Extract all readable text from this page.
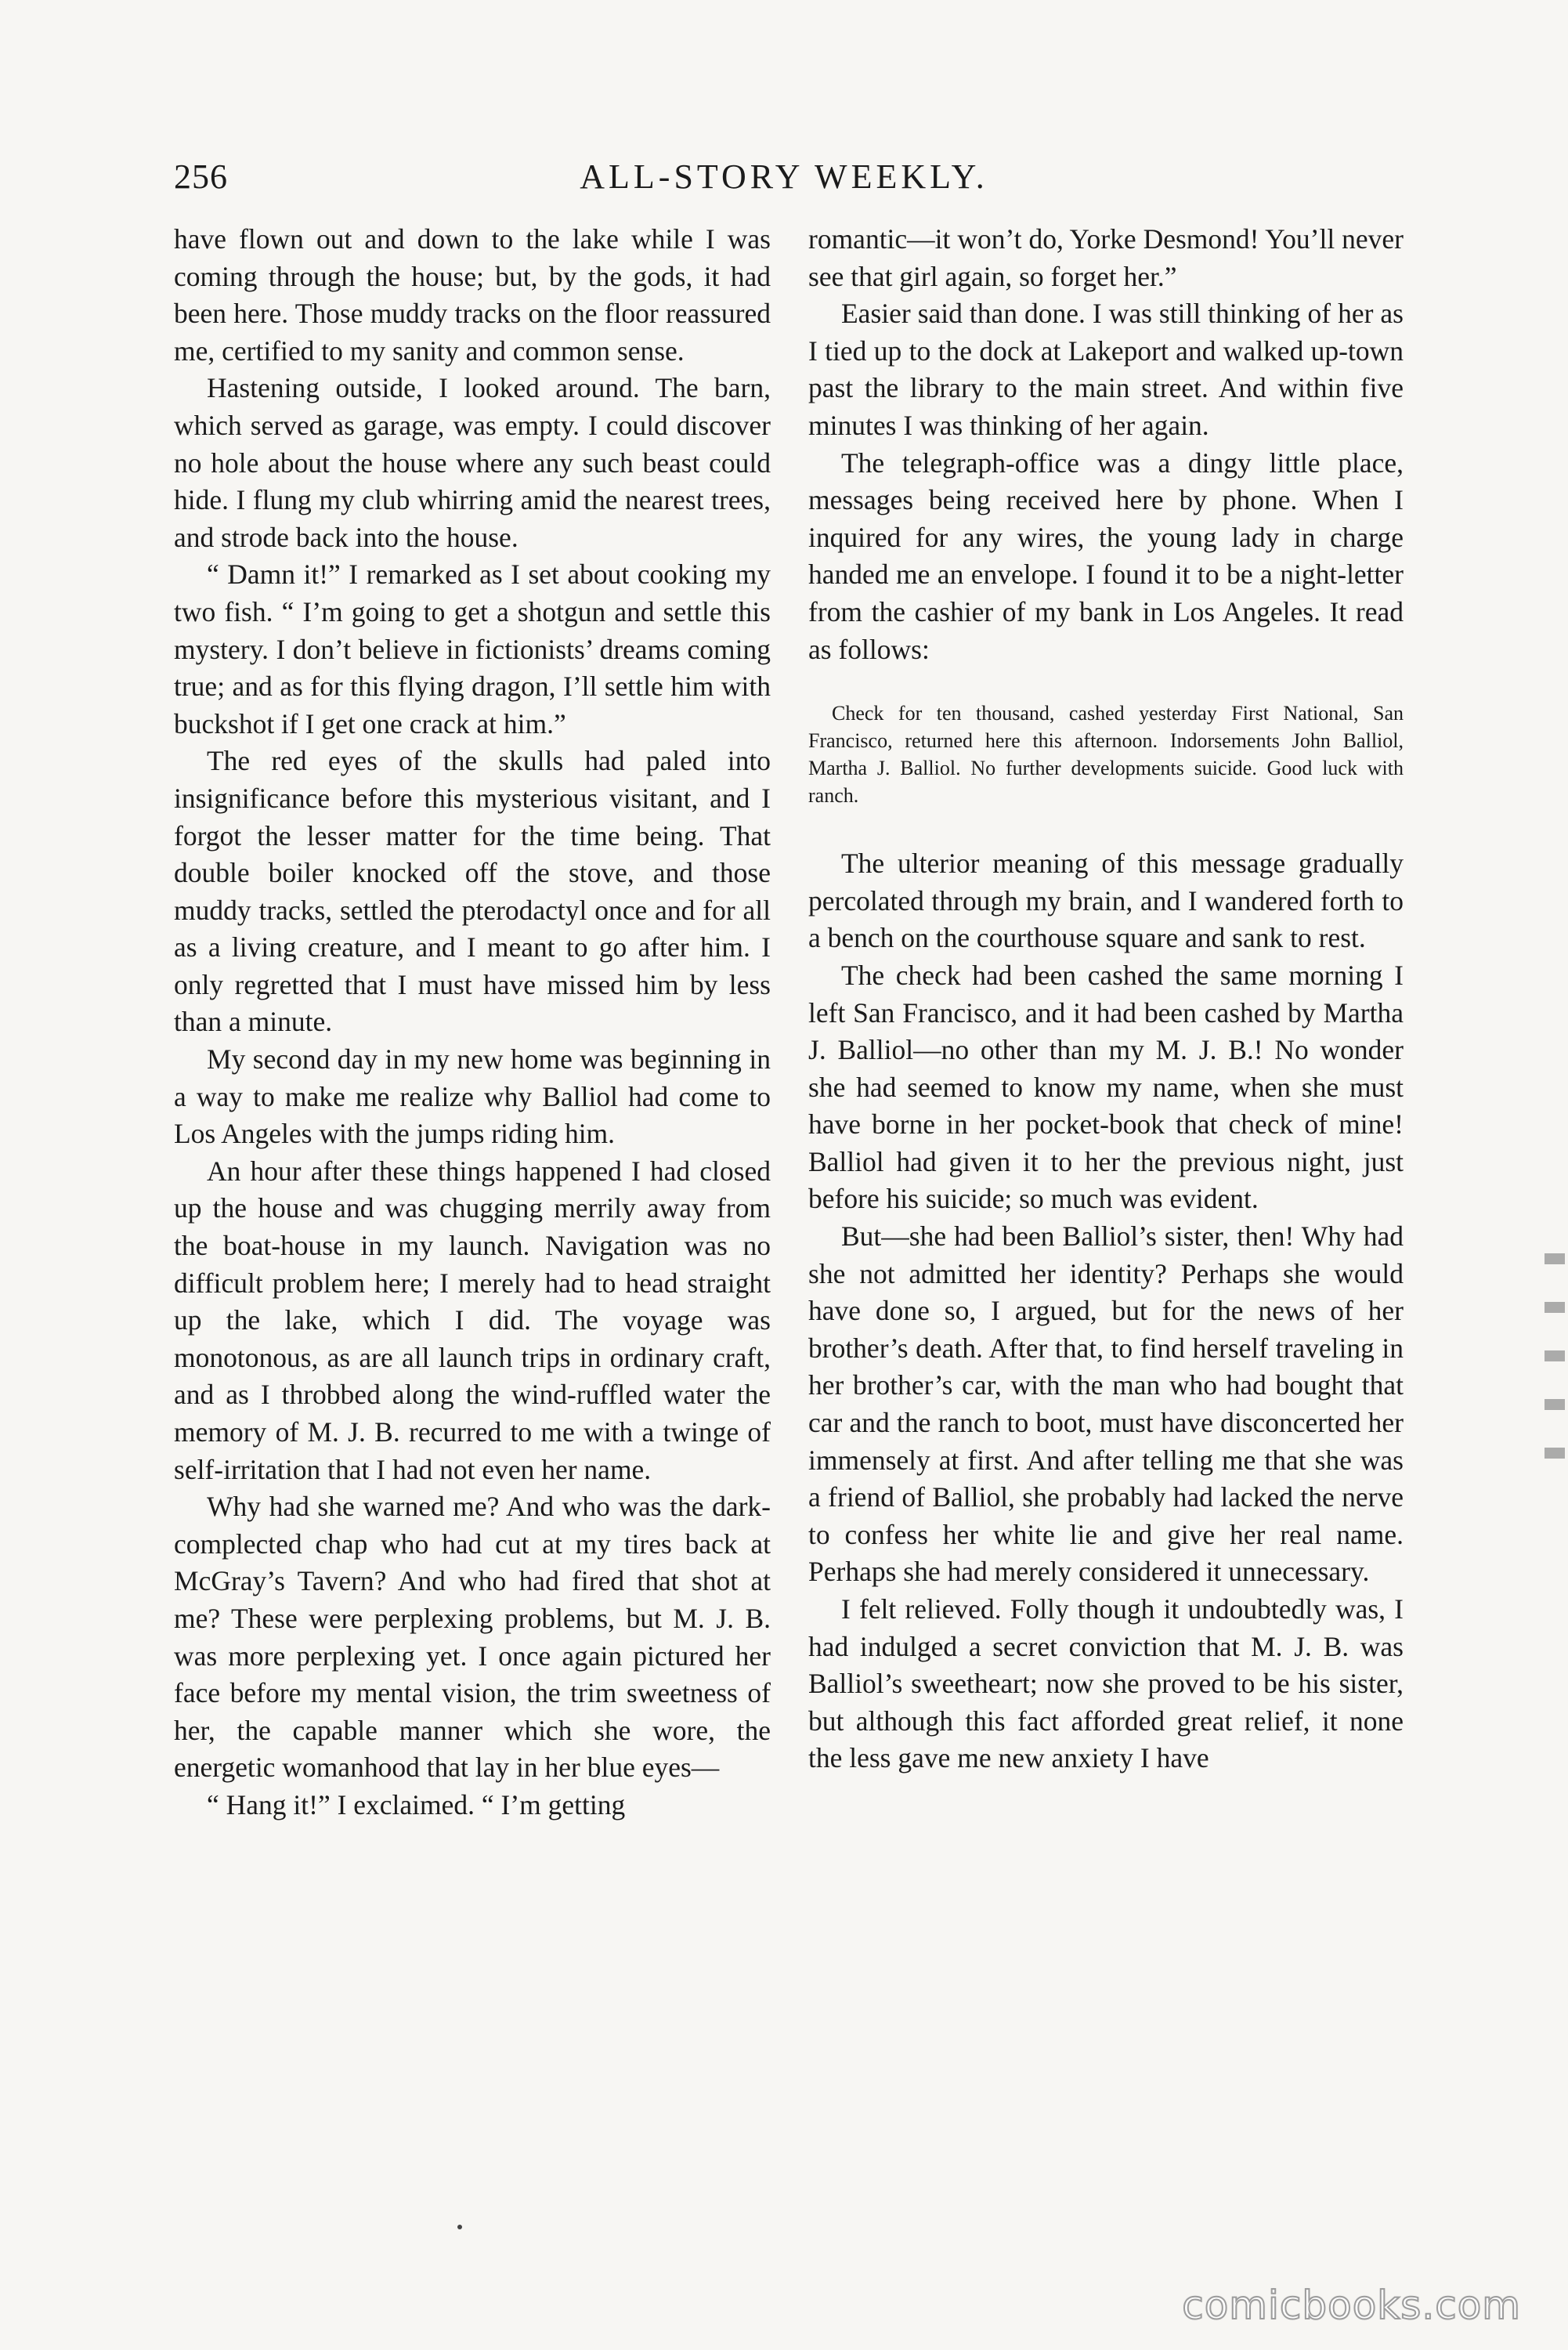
256	ALL-STORY WEEKLY.

have flown out and down to the lake while I was coming through the house; but, by the gods, it had been here. Those muddy tracks on the floor reassured me, certified to my sanity and common sense.

Hastening outside, I looked around. The barn, which served as garage, was empty. I could discover no hole about the house where any such beast could hide. I flung my club whirring amid the nearest trees, and strode back into the house.

“ Damn it!” I remarked as I set about cooking my two fish. “ I’m going to get a shotgun and settle this mystery. I don’t believe in fictionists’ dreams coming true; and as for this flying dragon, I’ll settle him with buckshot if I get one crack at him.”

The red eyes of the skulls had paled into insignificance before this mysterious visitant, and I forgot the lesser matter for the time being. That double boiler knocked off the stove, and those muddy tracks, settled the pterodactyl once and for all as a living creature, and I meant to go after him. I only regretted that I must have missed him by less than a minute.

My second day in my new home was beginning in a way to make me realize why Balliol had come to Los Angeles with the jumps riding him.

An hour after these things happened I had closed up the house and was chugging merrily away from the boat-house in my launch. Navigation was no difficult problem here; I merely had to head straight up the lake, which I did. The voyage was monotonous, as are all launch trips in ordinary craft, and as I throbbed along the wind-ruffled water the memory of M. J. B. recurred to me with a twinge of self-irritation that I had not even her name.

Why had she warned me? And who was the dark-complected chap who had cut at my tires back at McGray’s Tavern? And who had fired that shot at me? These were perplexing problems, but M. J. B. was more perplexing yet. I once again pictured her face before my mental vision, the trim sweetness of her, the capable manner which she wore, the energetic womanhood that lay in her blue eyes—

“ Hang it!” I exclaimed. “ I’m getting

romantic—it won’t do, Yorke Desmond! You’ll never see that girl again, so forget her.”

Easier said than done. I was still thinking of her as I tied up to the dock at Lakeport and walked up-town past the library to the main street. And within five minutes I was thinking of her again.

The telegraph-office was a dingy little place, messages being received here by phone. When I inquired for any wires, the young lady in charge handed me an envelope. I found it to be a night-letter from the cashier of my bank in Los Angeles. It read as follows:

Check for ten thousand, cashed yesterday First National, San Francisco, returned here this afternoon. Indorsements John Balliol, Martha J. Balliol. No further developments suicide. Good luck with ranch.

The ulterior meaning of this message gradually percolated through my brain, and I wandered forth to a bench on the courthouse square and sank to rest.

The check had been cashed the same morning I left San Francisco, and it had been cashed by Martha J. Balliol—no other than my M. J. B.! No wonder she had seemed to know my name, when she must have borne in her pocket-book that check of mine! Balliol had given it to her the previous night, just before his suicide; so much was evident.

But—she had been Balliol’s sister, then! Why had she not admitted her identity? Perhaps she would have done so, I argued, but for the news of her brother’s death. After that, to find herself traveling in her brother’s car, with the man who had bought that car and the ranch to boot, must have disconcerted her immensely at first. And after telling me that she was a friend of Balliol, she probably had lacked the nerve to confess her white lie and give her real name. Perhaps she had merely considered it unnecessary.

I felt relieved. Folly though it undoubtedly was, I had indulged a secret conviction that M. J. B. was Balliol’s sweetheart; now she proved to be his sister, but although this fact afforded great relief, it none the less gave me new anxiety I have

comicbooks.com
